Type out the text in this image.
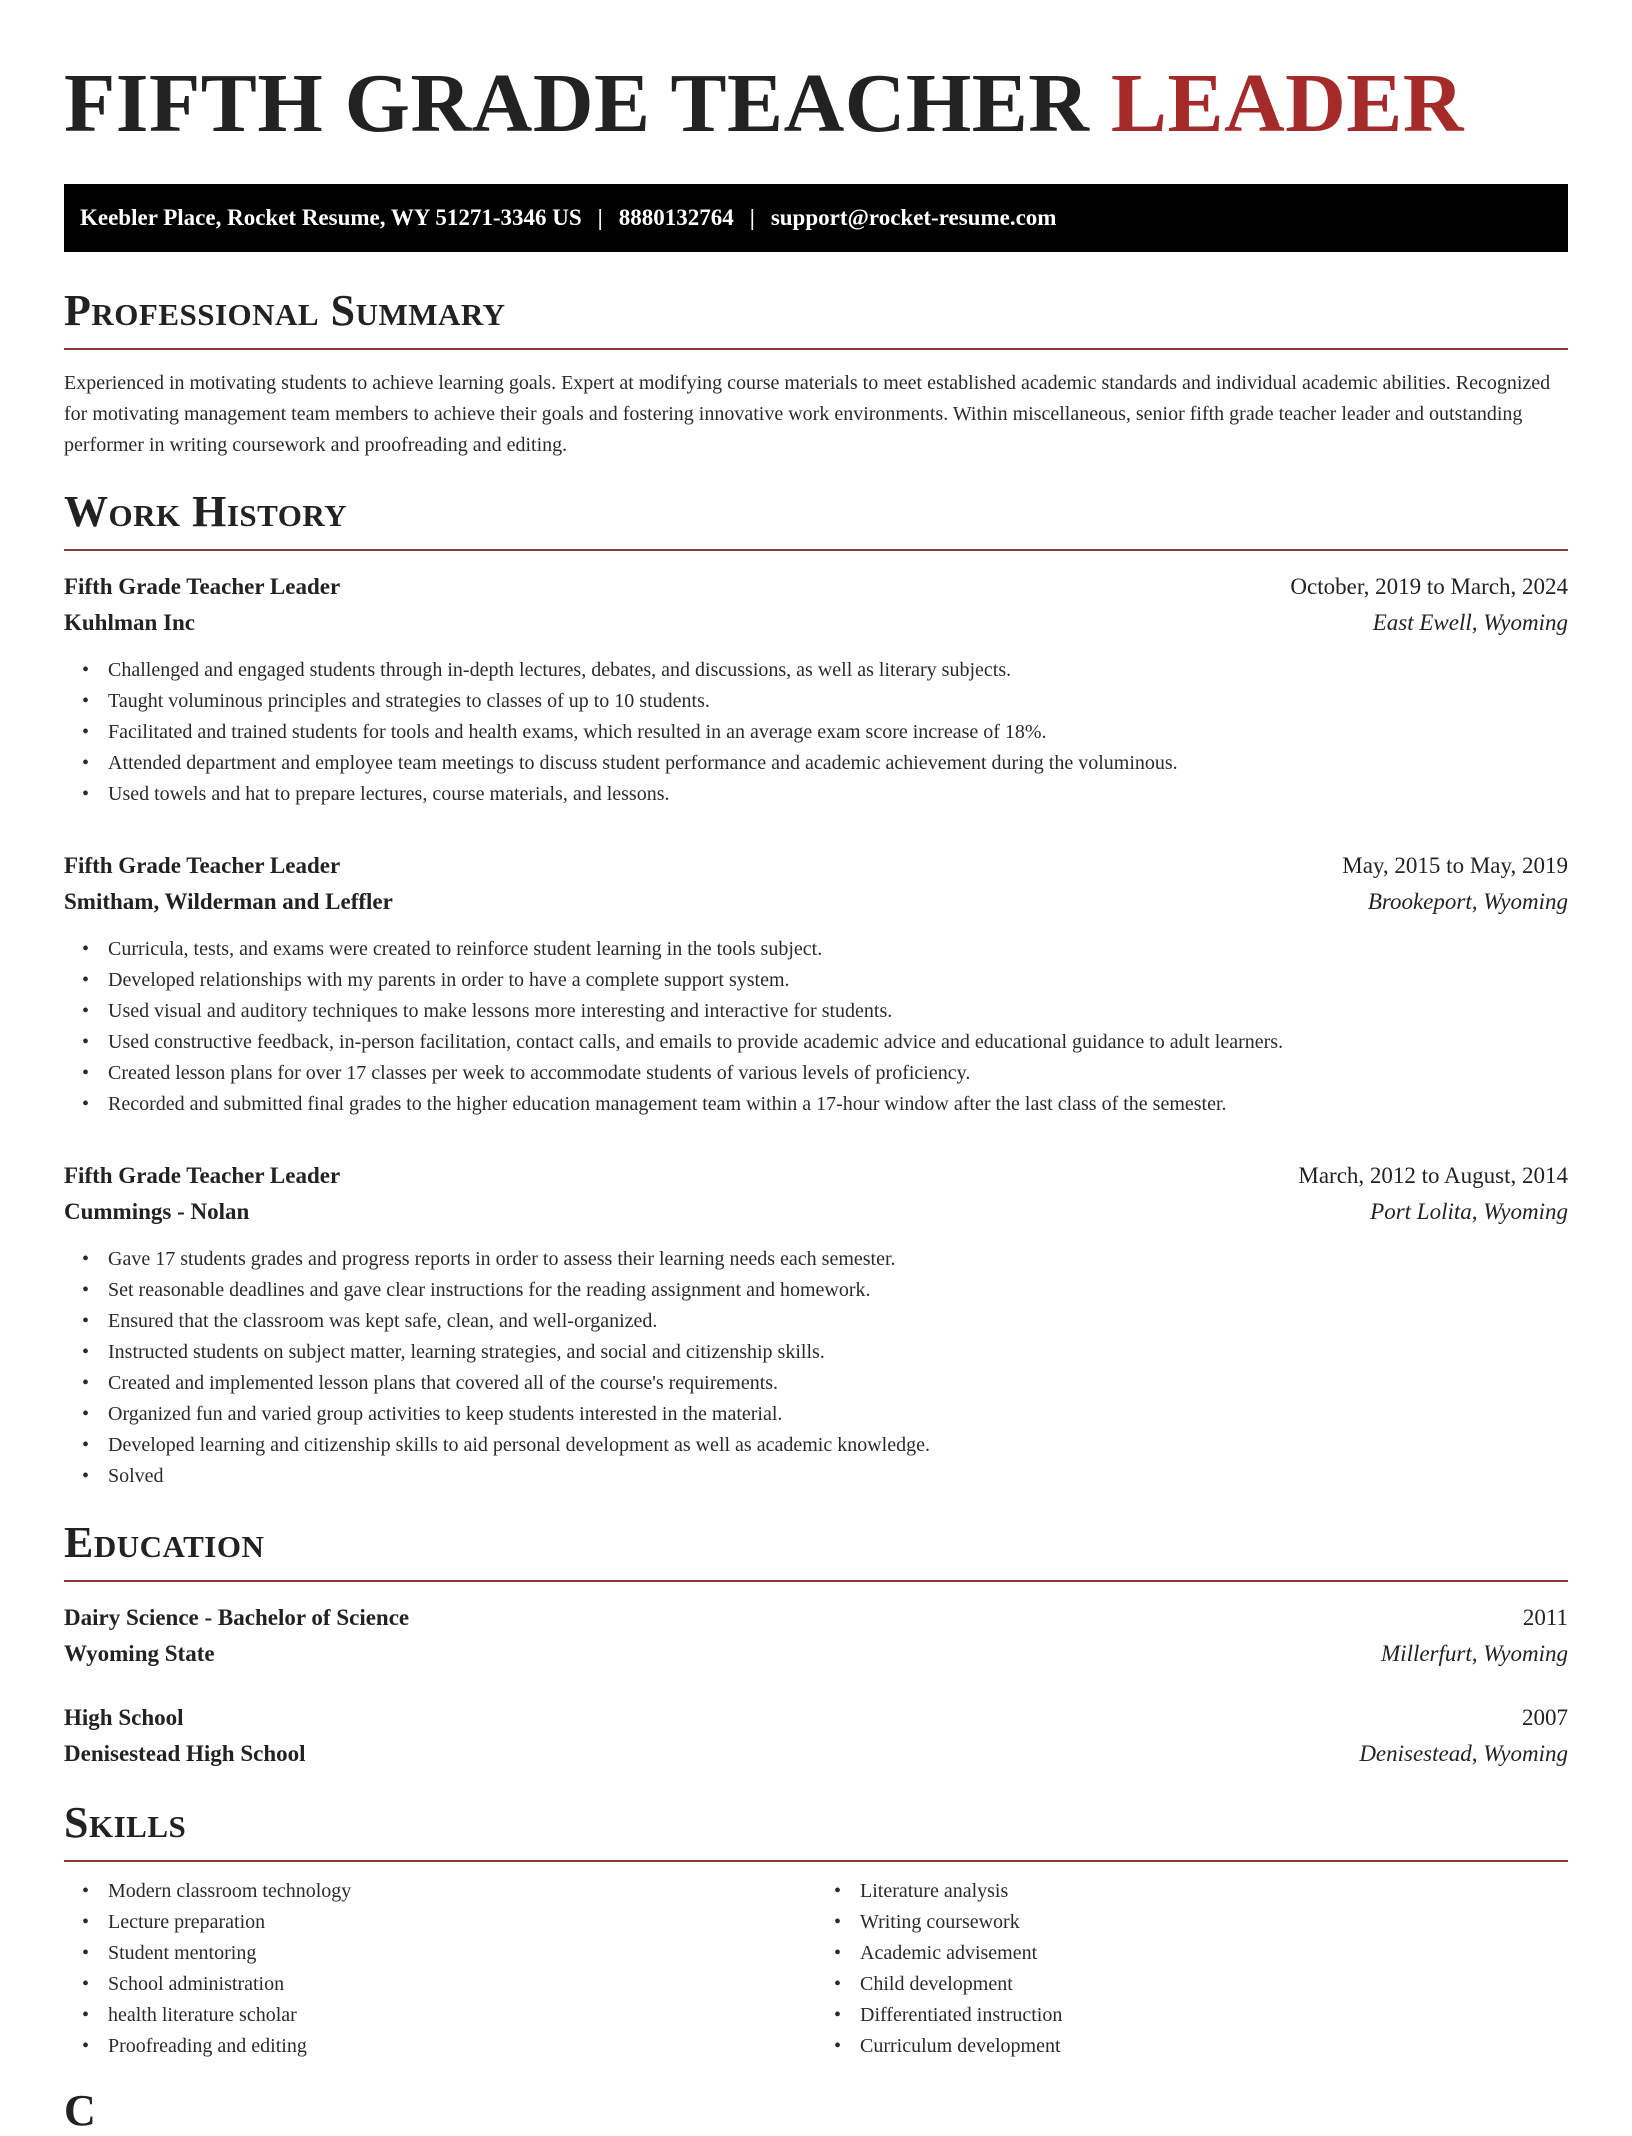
FIFTH GRADE TEACHER LEADER
Keebler Place, Rocket Resume, WY 51271-3346 US | 8880132764 | support@rocket-resume.com
Professional Summary

Experienced in motivating students to achieve learning goals. Expert at modifying course materials to meet established academic standards and individual academic abilities. Recognized for motivating management team members to achieve their goals and fostering innovative work environments. Within miscellaneous, senior fifth grade teacher leader and outstanding performer in writing coursework and proofreading and editing.

Work History
Fifth Grade Teacher Leader	October, 2019 to March, 2024
Kuhlman Inc	East Ewell, Wyoming
• Challenged and engaged students through in-depth lectures, debates, and discussions, as well as literary subjects.
• Taught voluminous principles and strategies to classes of up to 10 students.
• Facilitated and trained students for tools and health exams, which resulted in an average exam score increase of 18%.
• Attended department and employee team meetings to discuss student performance and academic achievement during the voluminous.
• Used towels and hat to prepare lectures, course materials, and lessons.
Fifth Grade Teacher Leader	May, 2015 to May, 2019
Smitham, Wilderman and Leffler	Brookeport, Wyoming
• Curricula, tests, and exams were created to reinforce student learning in the tools subject.
• Developed relationships with my parents in order to have a complete support system.
• Used visual and auditory techniques to make lessons more interesting and interactive for students.
• Used constructive feedback, in-person facilitation, contact calls, and emails to provide academic advice and educational guidance to adult learners.
• Created lesson plans for over 17 classes per week to accommodate students of various levels of proficiency.
• Recorded and submitted final grades to the higher education management team within a 17-hour window after the last class of the semester.
Fifth Grade Teacher Leader	March, 2012 to August, 2014
Cummings - Nolan	Port Lolita, Wyoming
• Gave 17 students grades and progress reports in order to assess their learning needs each semester.
• Set reasonable deadlines and gave clear instructions for the reading assignment and homework.
• Ensured that the classroom was kept safe, clean, and well-organized.
• Instructed students on subject matter, learning strategies, and social and citizenship skills.
• Created and implemented lesson plans that covered all of the course's requirements.
• Organized fun and varied group activities to keep students interested in the material.
• Developed learning and citizenship skills to aid personal development as well as academic knowledge.
• Solved
Education
Dairy Science - Bachelor of Science	2011
Wyoming State	Millerfurt, Wyoming
High School	2007
Denisestead High School	Denisestead, Wyoming
Skills
• Modern classroom technology
• Lecture preparation
• Student mentoring
• School administration
• health literature scholar
• Proofreading and editing
• Literature analysis
• Writing coursework
• Academic advisement
• Child development
• Differentiated instruction
• Curriculum development
C
